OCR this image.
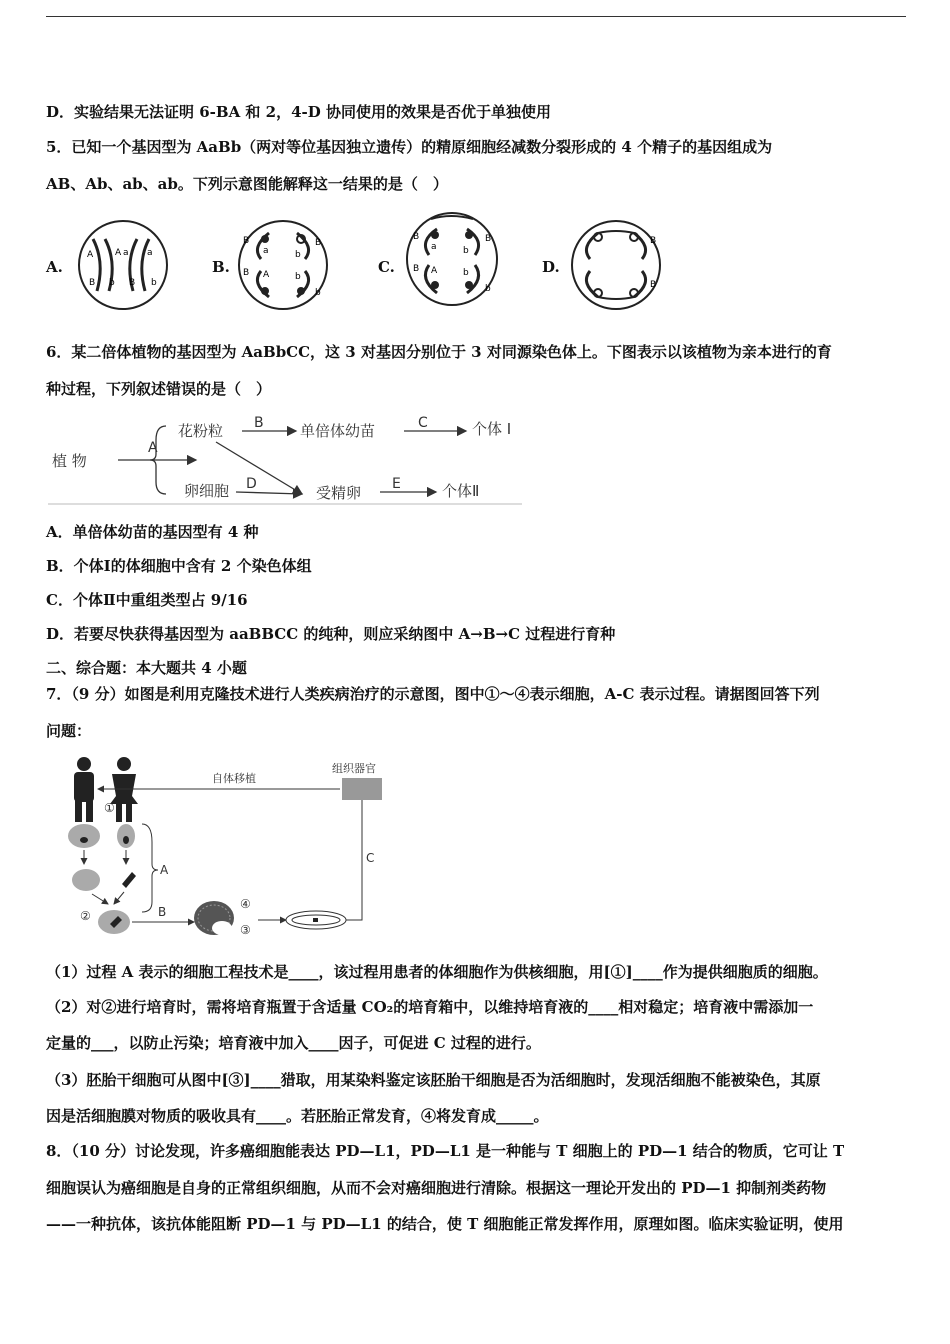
D．实验结果无法证明 6-BA 和 2，4-D 协同使用的效果是否优于单独使用
5．已知一个基因型为 AaBb（两对等位基因独立遗传）的精原细胞经减数分裂形成的 4 个精子的基因组成为
AB、Ab、ab、ab。下列示意图能解释这一结果的是（　）
A.	B.	C.	D.
A A a a
B b B b
B
a	b
B
B A	b
b
B
a	b
B
B A	b
b
B
B
6．某二倍体植物的基因型为 AaBbCC，这 3 对基因分别位于 3 对同源染色体上。下图表示以该植物为亲本进行的育
种过程，下列叙述错误的是（　）
植 物
A
花粉粒 B 单倍体幼苗	C	个体 I
卵细胞 D	受精卵 E	个体Ⅱ
A．单倍体幼苗的基因型有 4 种
B．个体Ⅰ的体细胞中含有 2 个染色体组
C．个体Ⅱ中重组类型占 9/16
D．若要尽快获得基因型为 aaBBCC 的纯种，则应采纳图中 A→B→C 过程进行育种
二、综合题：本大题共 4 小题
7．（9 分）如图是利用克隆技术进行人类疾病治疗的示意图，图中①～④表示细胞，A-C 表示过程。请据图回答下列
问题：
①
A
②	B
④
③
C
组织器官
自体移植
（1）过程 A 表示的细胞工程技术是____，该过程用患者的体细胞作为供核细胞，用[①]____作为提供细胞质的细胞。
（2）对②进行培育时，需将培育瓶置于含适量 CO₂的培育箱中，以维持培育液的____相对稳定；培育液中需添加一
定量的___，以防止污染；培育液中加入____因子，可促进 C 过程的进行。
（3）胚胎干细胞可从图中[③]____猎取，用某染料鉴定该胚胎干细胞是否为活细胞时，发现活细胞不能被染色，其原
因是活细胞膜对物质的吸收具有____。若胚胎正常发育，④将发育成_____。
8．（10 分）讨论发现，许多癌细胞能表达 PD—L1，PD—L1 是一种能与 T 细胞上的 PD—1 结合的物质，它可让 T
细胞误认为癌细胞是自身的正常组织细胞，从而不会对癌细胞进行清除。根据这一理论开发出的 PD—1 抑制剂类药物
——一种抗体，该抗体能阻断 PD—1 与 PD—L1 的结合，使 T 细胞能正常发挥作用，原理如图。临床实验证明，使用
